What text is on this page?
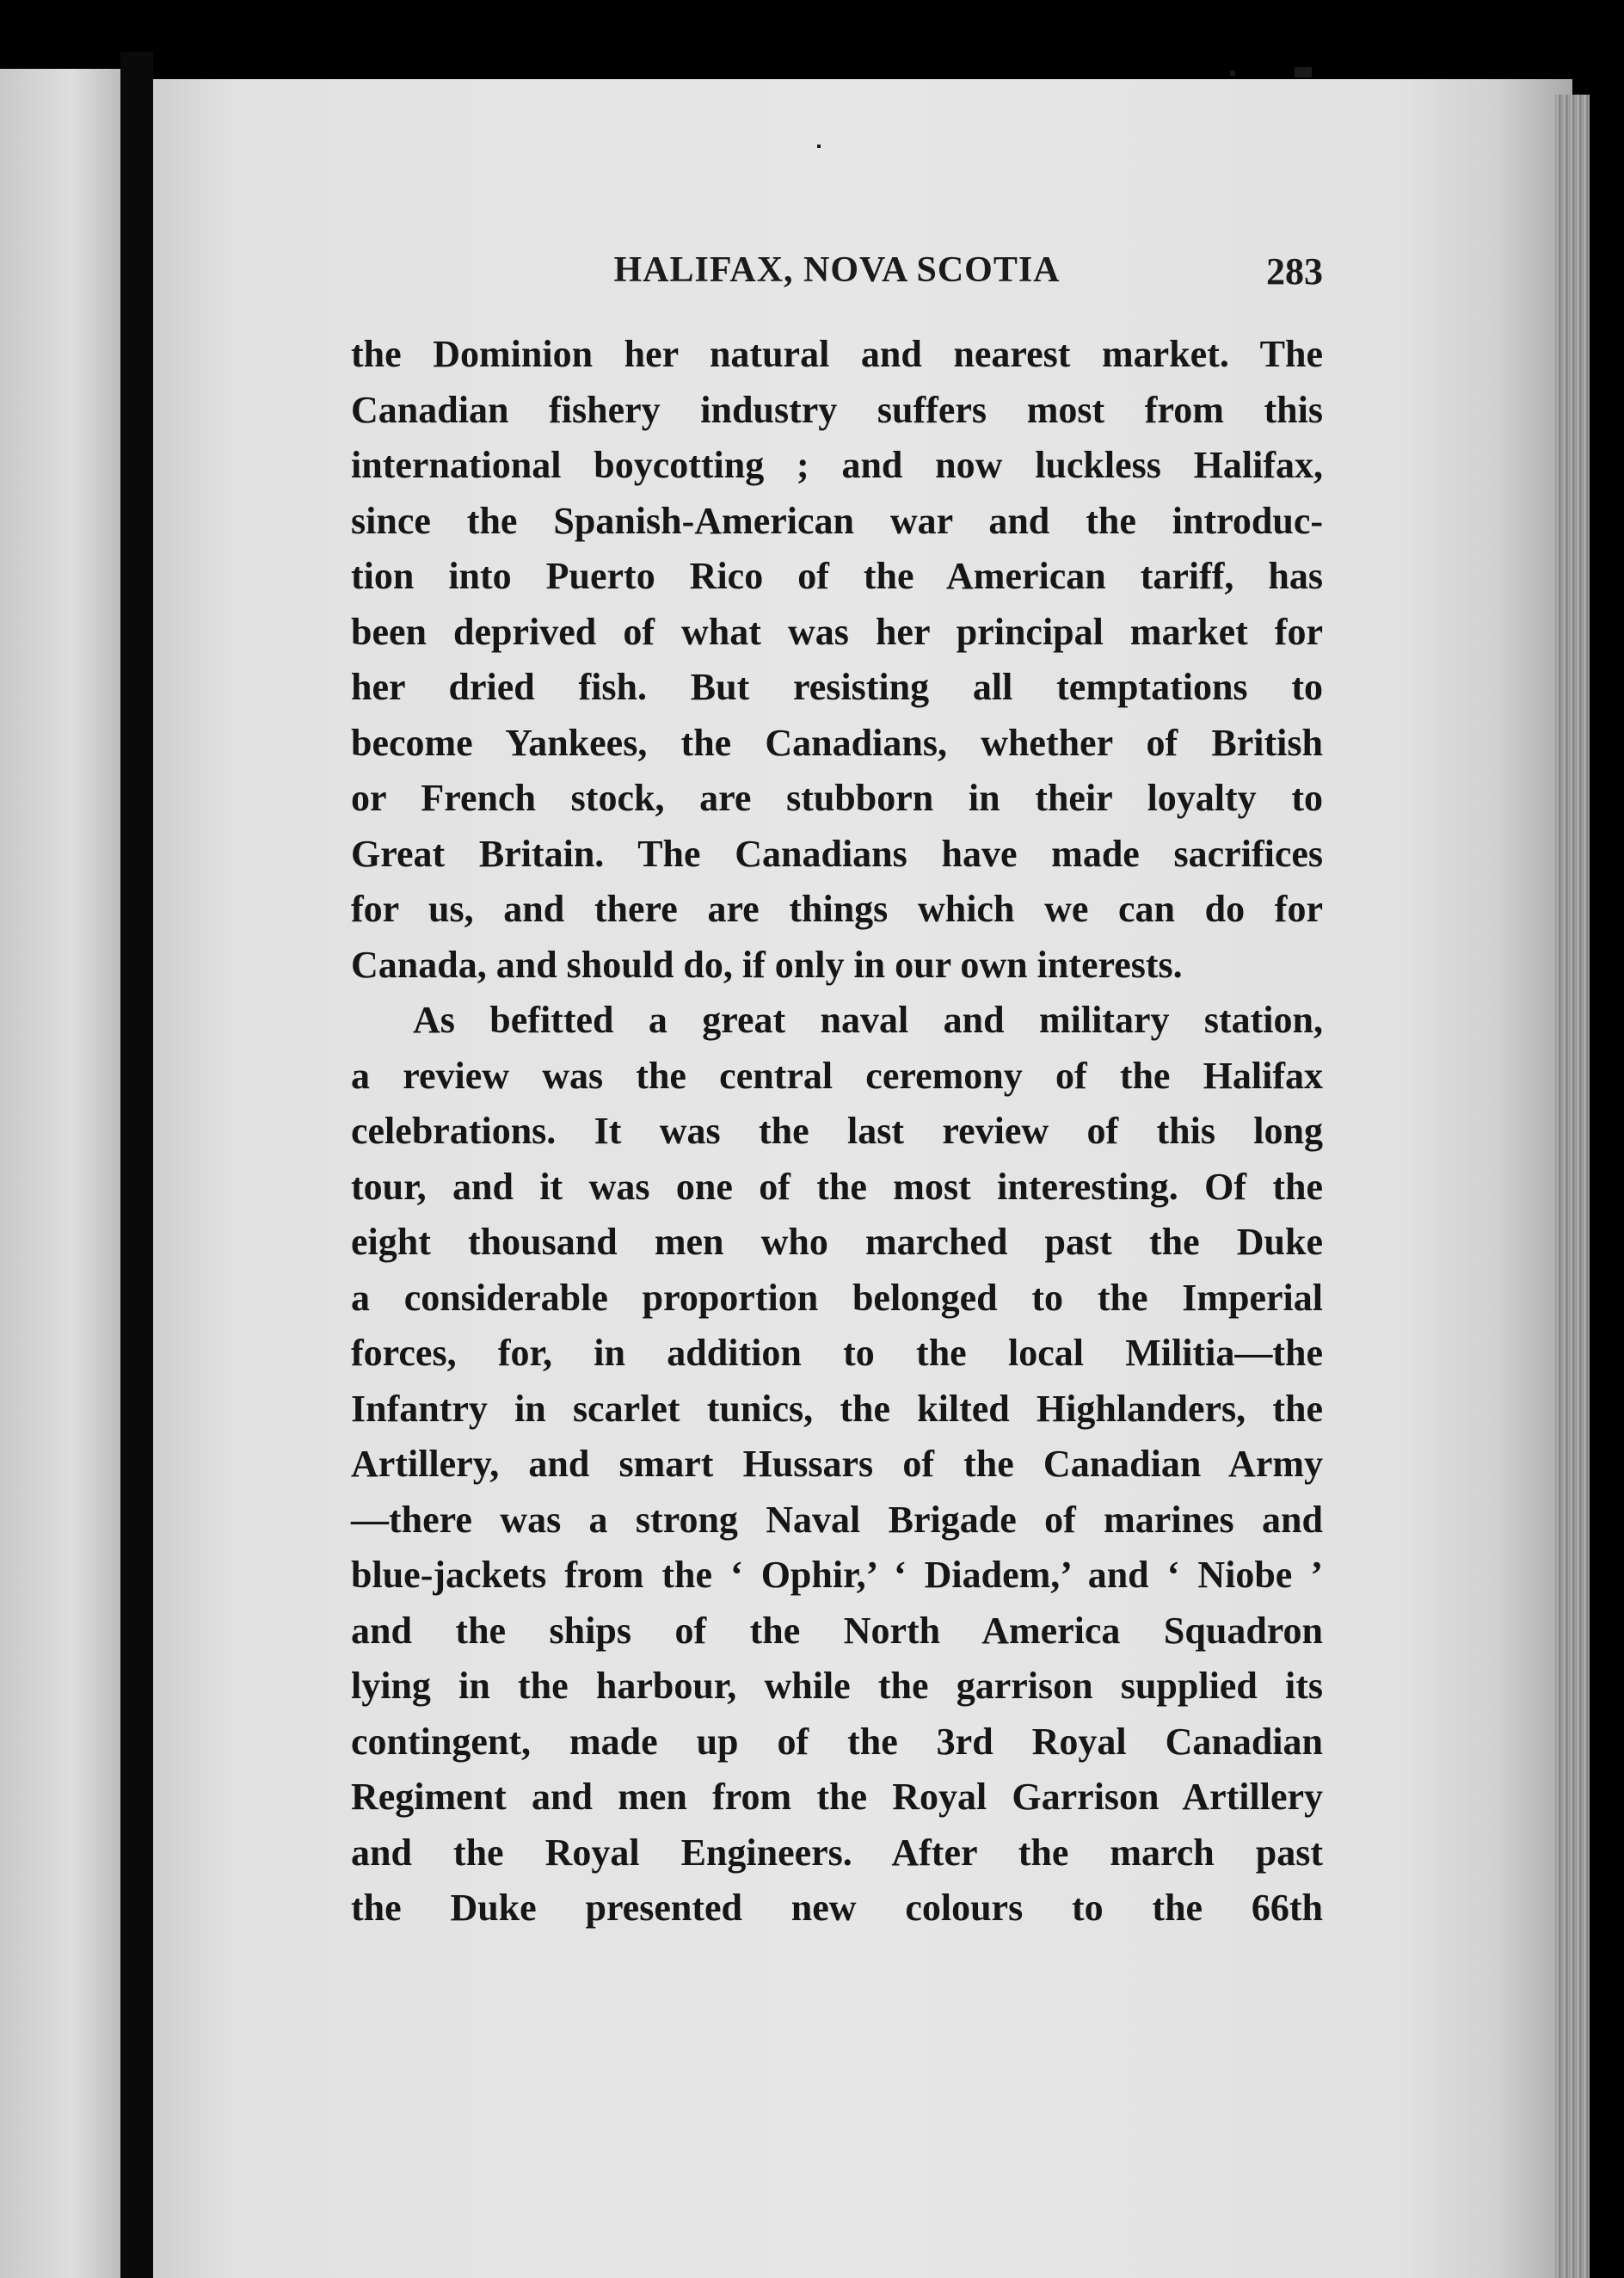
HALIFAX, NOVA SCOTIA	283
the Dominion her natural and nearest market. The
Canadian fishery industry suffers most from this
international boycotting ; and now luckless Halifax,
since the Spanish-American war and the introduc-
tion into Puerto Rico of the American tariff, has
been deprived of what was her principal market for
her dried fish. But resisting all temptations to
become Yankees, the Canadians, whether of British
or French stock, are stubborn in their loyalty to
Great Britain. The Canadians have made sacrifices
for us, and there are things which we can do for
Canada, and should do, if only in our own interests.
As befitted a great naval and military station,
a review was the central ceremony of the Halifax
celebrations. It was the last review of this long
tour, and it was one of the most interesting. Of the
eight thousand men who marched past the Duke
a considerable proportion belonged to the Imperial
forces, for, in addition to the local Militia—the
Infantry in scarlet tunics, the kilted Highlanders, the
Artillery, and smart Hussars of the Canadian Army
—there was a strong Naval Brigade of marines and
blue-jackets from the ‘ Ophir,’ ‘ Diadem,’ and ‘ Niobe ’
and the ships of the North America Squadron
lying in the harbour, while the garrison supplied its
contingent, made up of the 3rd Royal Canadian
Regiment and men from the Royal Garrison Artillery
and the Royal Engineers. After the march past
the Duke presented new colours to the 66th
